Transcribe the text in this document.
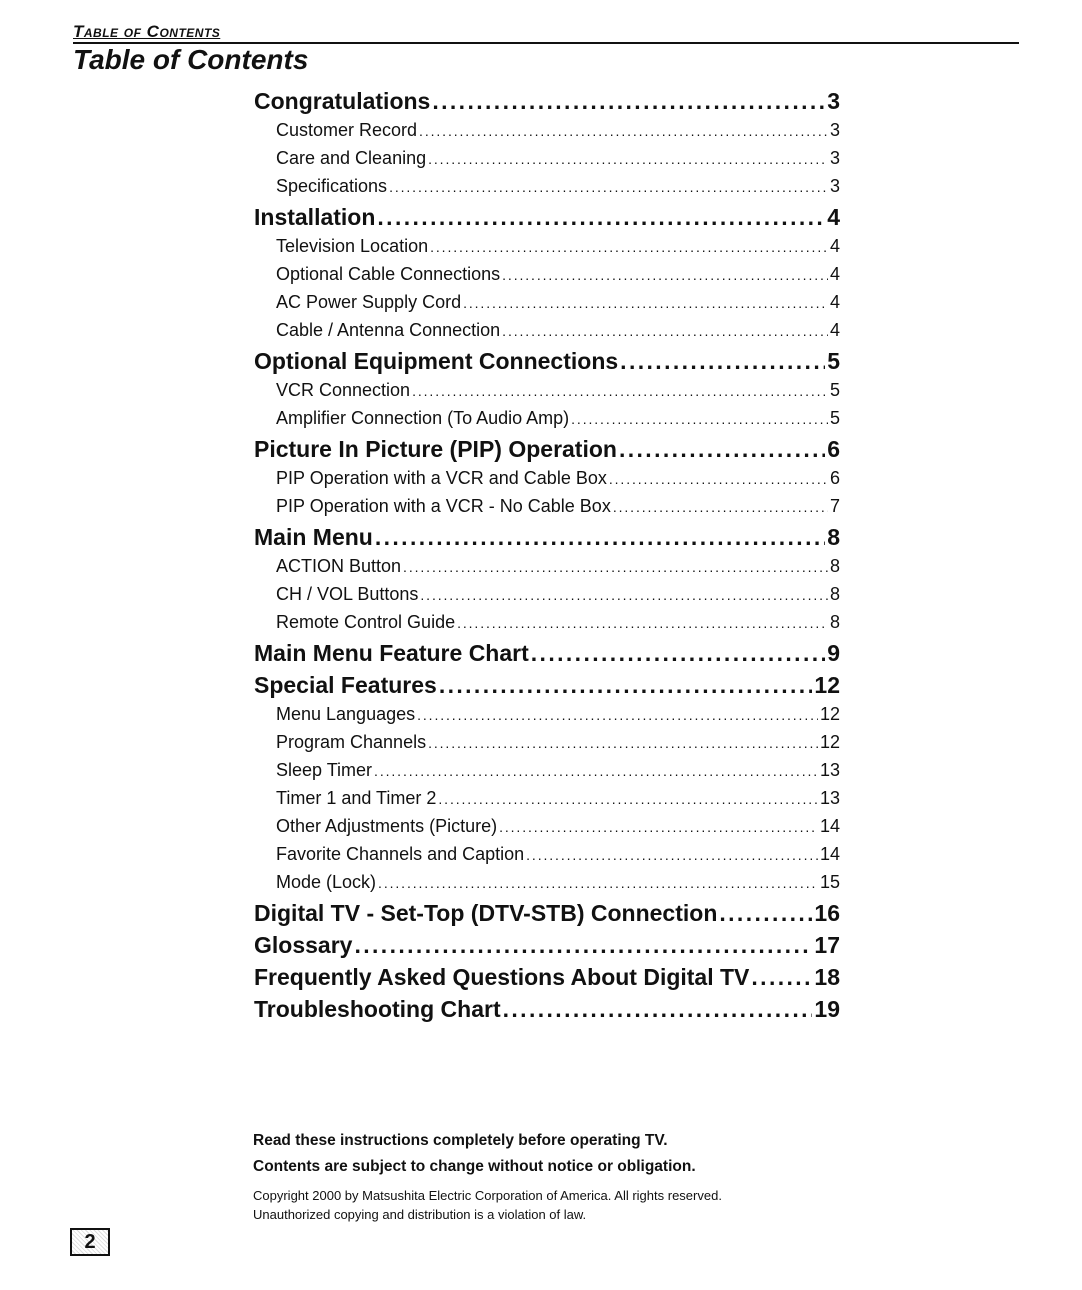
Table of Contents
Table of Contents
Congratulations . . .	3
Customer Record . . .	3
Care and Cleaning . . .	3
Specifications . . .	3
Installation . . .	4
Television Location . . .	4
Optional Cable Connections . . .	4
AC Power Supply Cord . . .	4
Cable / Antenna Connection . . .	4
Optional Equipment Connections . . .	5
VCR Connection . . .	5
Amplifier Connection (To Audio Amp) . . .	5
Picture In Picture (PIP) Operation . . .	6
PIP Operation with a VCR and Cable Box . . .	6
PIP Operation with a VCR - No Cable Box . . .	7
Main Menu . . .	8
ACTION Button . . .	8
CH / VOL Buttons . . .	8
Remote Control Guide . . .	8
Main Menu Feature Chart . . .	9
Special Features . . .	12
Menu Languages . . .	12
Program Channels . . .	12
Sleep Timer . . .	13
Timer 1 and Timer 2 . . .	13
Other Adjustments (Picture) . . .	14
Favorite Channels and Caption . . .	14
Mode (Lock) . . .	15
Digital TV - Set-Top (DTV-STB) Connection . . .	16
Glossary . . .	17
Frequently Asked Questions About Digital TV . . .	18
Troubleshooting Chart . . .	19

Read these instructions completely before operating TV.

Contents are subject to change without notice or obligation.

Copyright 2000 by Matsushita Electric Corporation of America. All rights reserved.
Unauthorized copying and distribution is a violation of law.

2
